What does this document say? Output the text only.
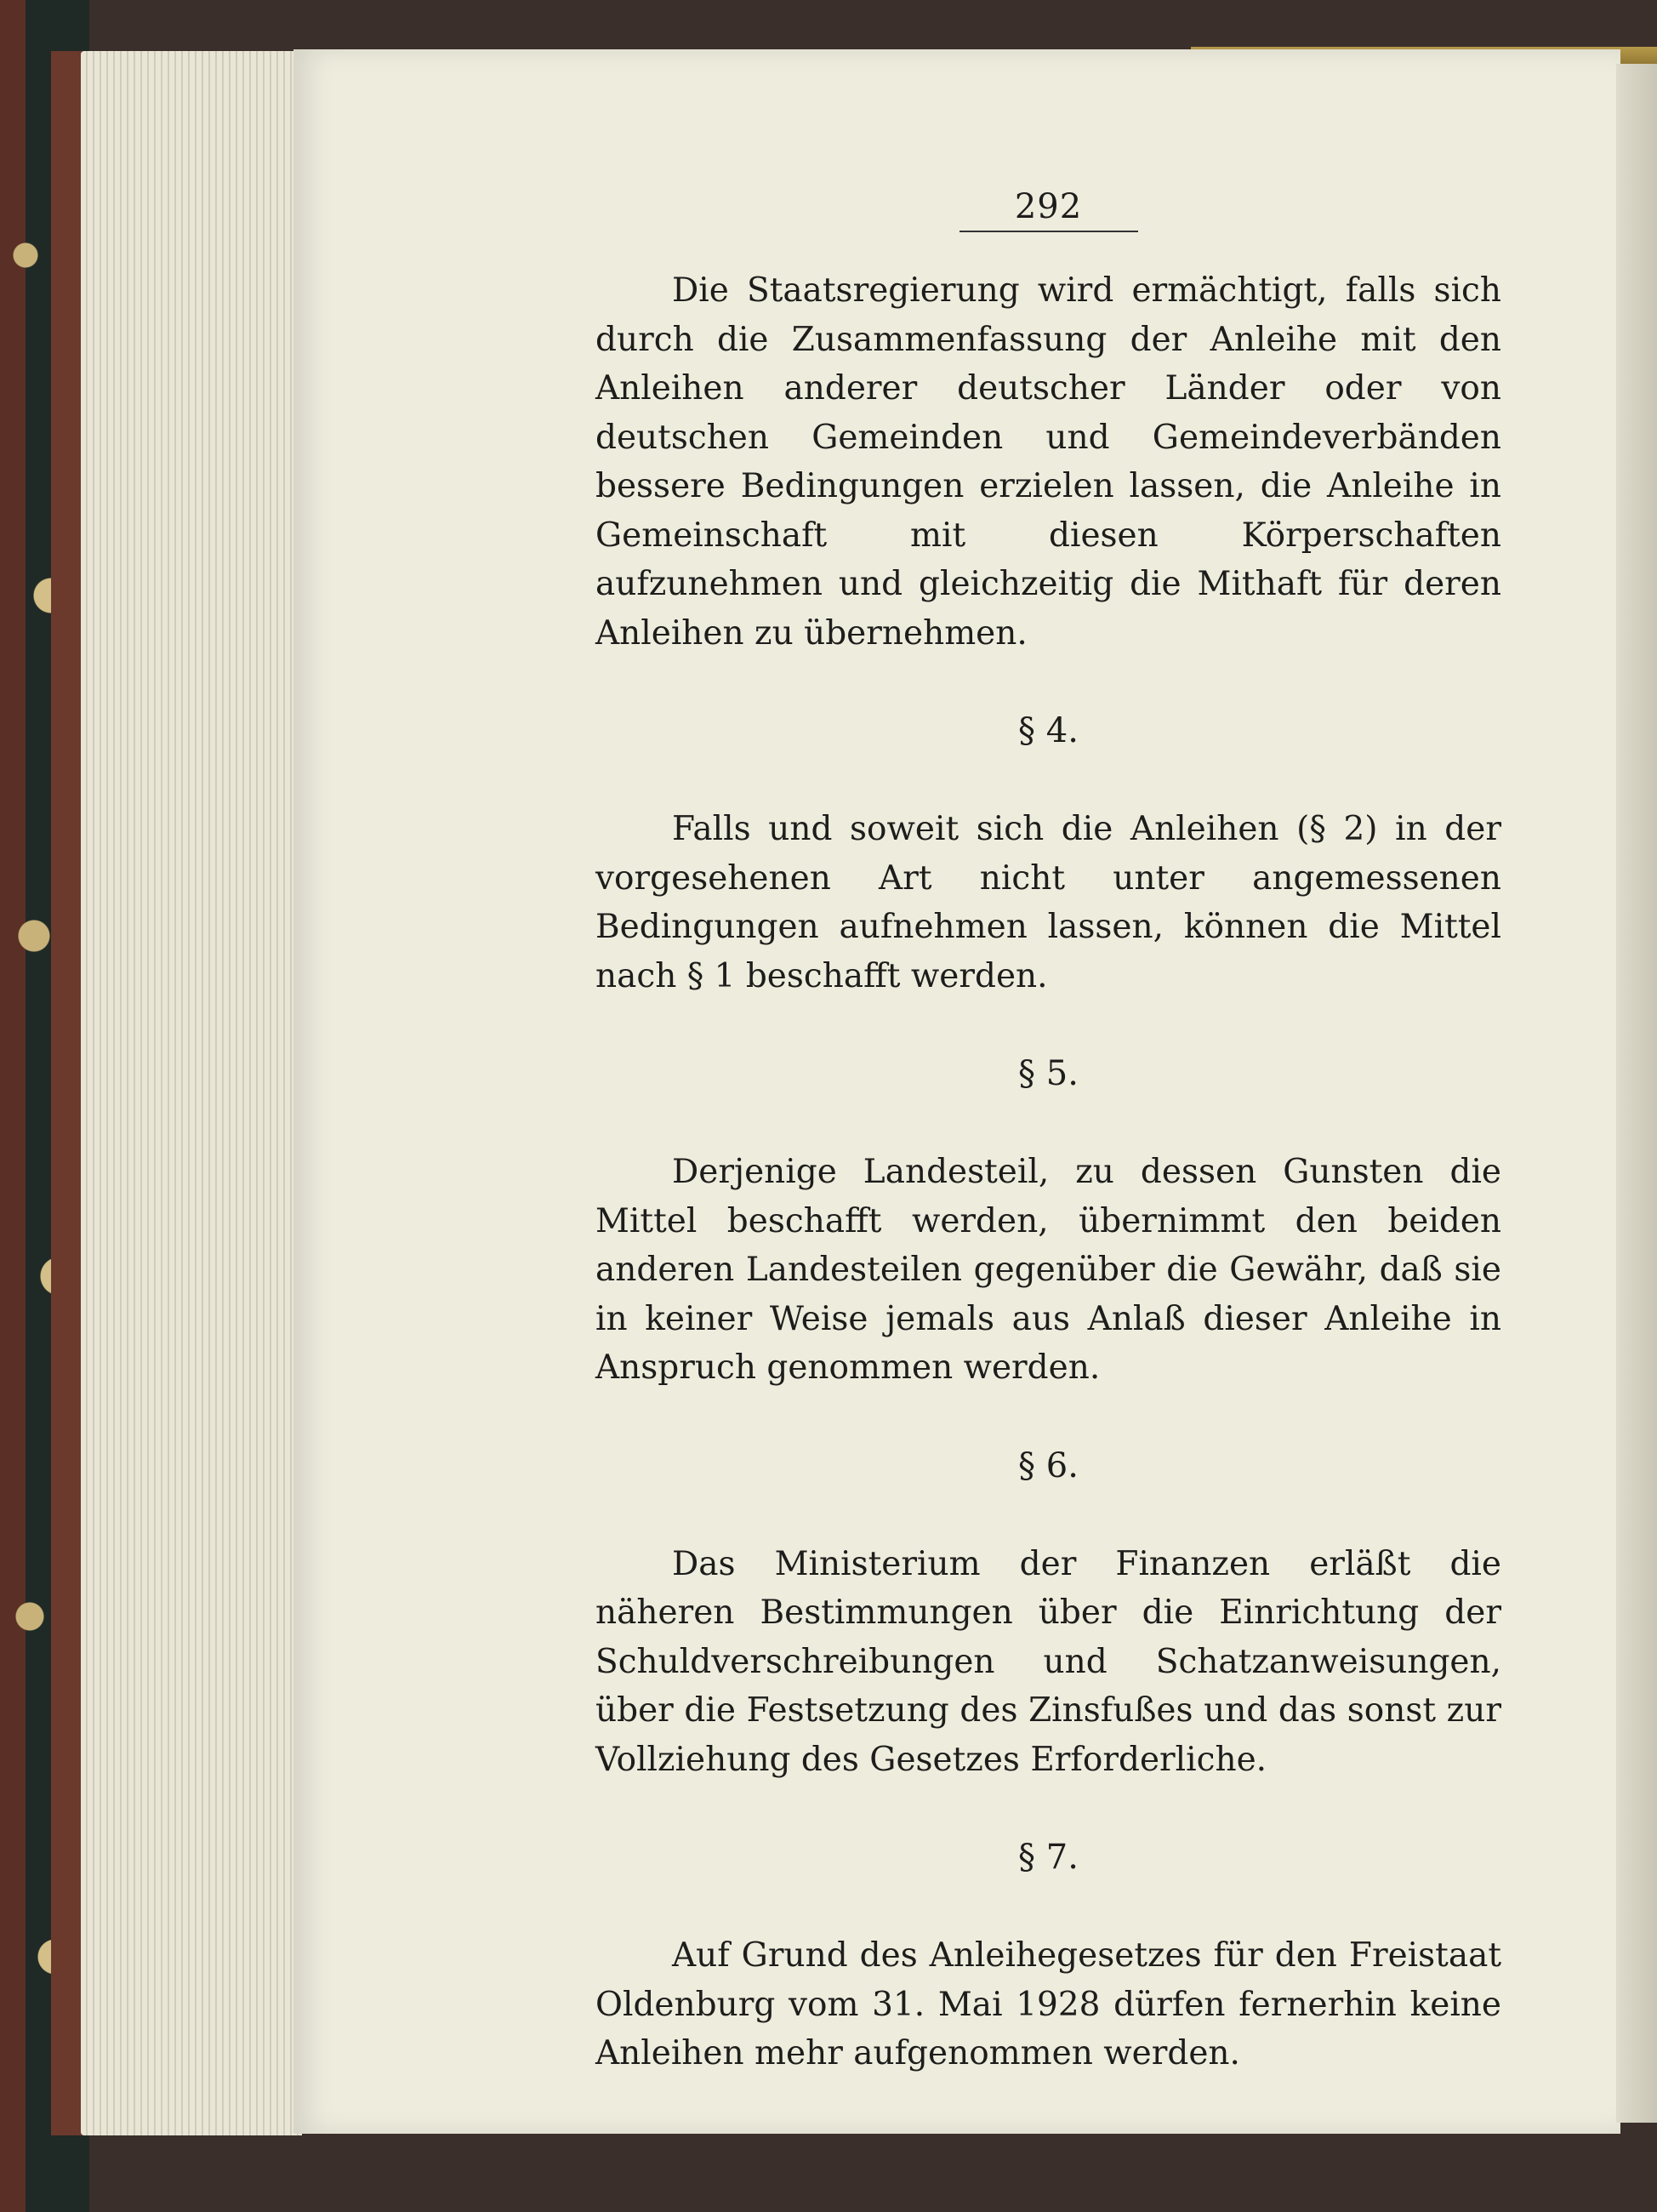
292

Die Staatsregierung wird ermächtigt, falls sich durch die Zusammenfassung der Anleihe mit den Anleihen anderer deutscher Länder oder von deutschen Gemeinden und Gemeindeverbänden bessere Bedingungen erzielen lassen, die Anleihe in Gemeinschaft mit diesen Körperschaften aufzunehmen und gleichzeitig die Mithaft für deren Anleihen zu übernehmen.

§ 4.

Falls und soweit sich die Anleihen (§ 2) in der vorgesehenen Art nicht unter angemessenen Bedingungen aufnehmen lassen, können die Mittel nach § 1 beschafft werden.

§ 5.

Derjenige Landesteil, zu dessen Gunsten die Mittel beschafft werden, übernimmt den beiden anderen Landesteilen gegenüber die Gewähr, daß sie in keiner Weise jemals aus Anlaß dieser Anleihe in Anspruch genommen werden.

§ 6.

Das Ministerium der Finanzen erläßt die näheren Bestimmungen über die Einrichtung der Schuldverschreibungen und Schatzanweisungen, über die Festsetzung des Zinsfußes und das sonst zur Vollziehung des Gesetzes Erforderliche.

§ 7.

Auf Grund des Anleihegesetzes für den Freistaat Oldenburg vom 31. Mai 1928 dürfen fernerhin keine Anleihen mehr aufgenommen werden.
